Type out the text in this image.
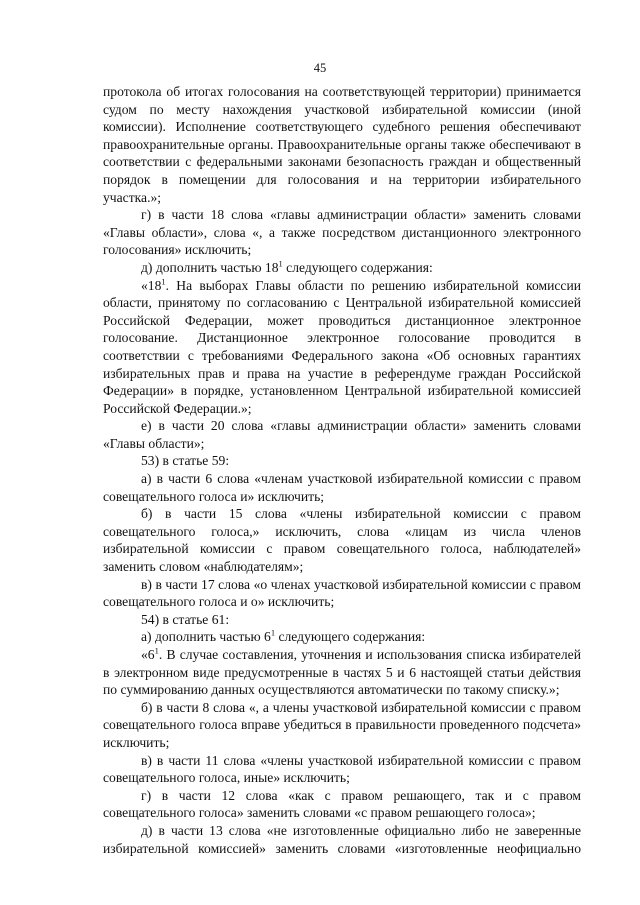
45

протокола об итогах голосования на соответствующей территории) принимается судом по месту нахождения участковой избирательной комиссии (иной комиссии). Исполнение соответствующего судебного решения обеспечивают правоохранительные органы. Правоохранительные органы также обеспечивают в соответствии с федеральными законами безопасность граждан и общественный порядок в помещении для голосования и на территории избирательного участка.»;

г) в части 18 слова «главы администрации области» заменить словами «Главы области», слова «, а также посредством дистанционного электронного голосования» исключить;

д) дополнить частью $18^1$ следующего содержания:

«$18^1$. На выборах Главы области по решению избирательной комиссии области, принятому по согласованию с Центральной избирательной комиссией Российской Федерации, может проводиться дистанционное электронное голосование. Дистанционное электронное голосование проводится в соответствии с требованиями Федерального закона «Об основных гарантиях избирательных прав и права на участие в референдуме граждан Российской Федерации» в порядке, установленном Центральной избирательной комиссией Российской Федерации.»;

е) в части 20 слова «главы администрации области» заменить словами «Главы области»;

53) в статье 59:

а) в части 6 слова «членам участковой избирательной комиссии с правом совещательного голоса и» исключить;

б) в части 15 слова «члены избирательной комиссии с правом совещательного голоса,» исключить, слова «лицам из числа членов избирательной комиссии с правом совещательного голоса, наблюдателей» заменить словом «наблюдателям»;

в) в части 17 слова «о членах участковой избирательной комиссии с правом совещательного голоса и о» исключить;

54) в статье 61:

а) дополнить частью $6^1$ следующего содержания:

«$6^1$. В случае составления, уточнения и использования списка избирателей в электронном виде предусмотренные в частях 5 и 6 настоящей статьи действия по суммированию данных осуществляются автоматически по такому списку.»;

б) в части 8 слова «, а члены участковой избирательной комиссии с правом совещательного голоса вправе убедиться в правильности проведенного подсчета» исключить;

в) в части 11 слова «члены участковой избирательной комиссии с правом совещательного голоса, иные» исключить;

г) в части 12 слова «как с правом решающего, так и с правом совещательного голоса» заменить словами «с правом решающего голоса»;

д) в части 13 слова «не изготовленные официально либо не заверенные избирательной комиссией» заменить словами «изготовленные неофициально
